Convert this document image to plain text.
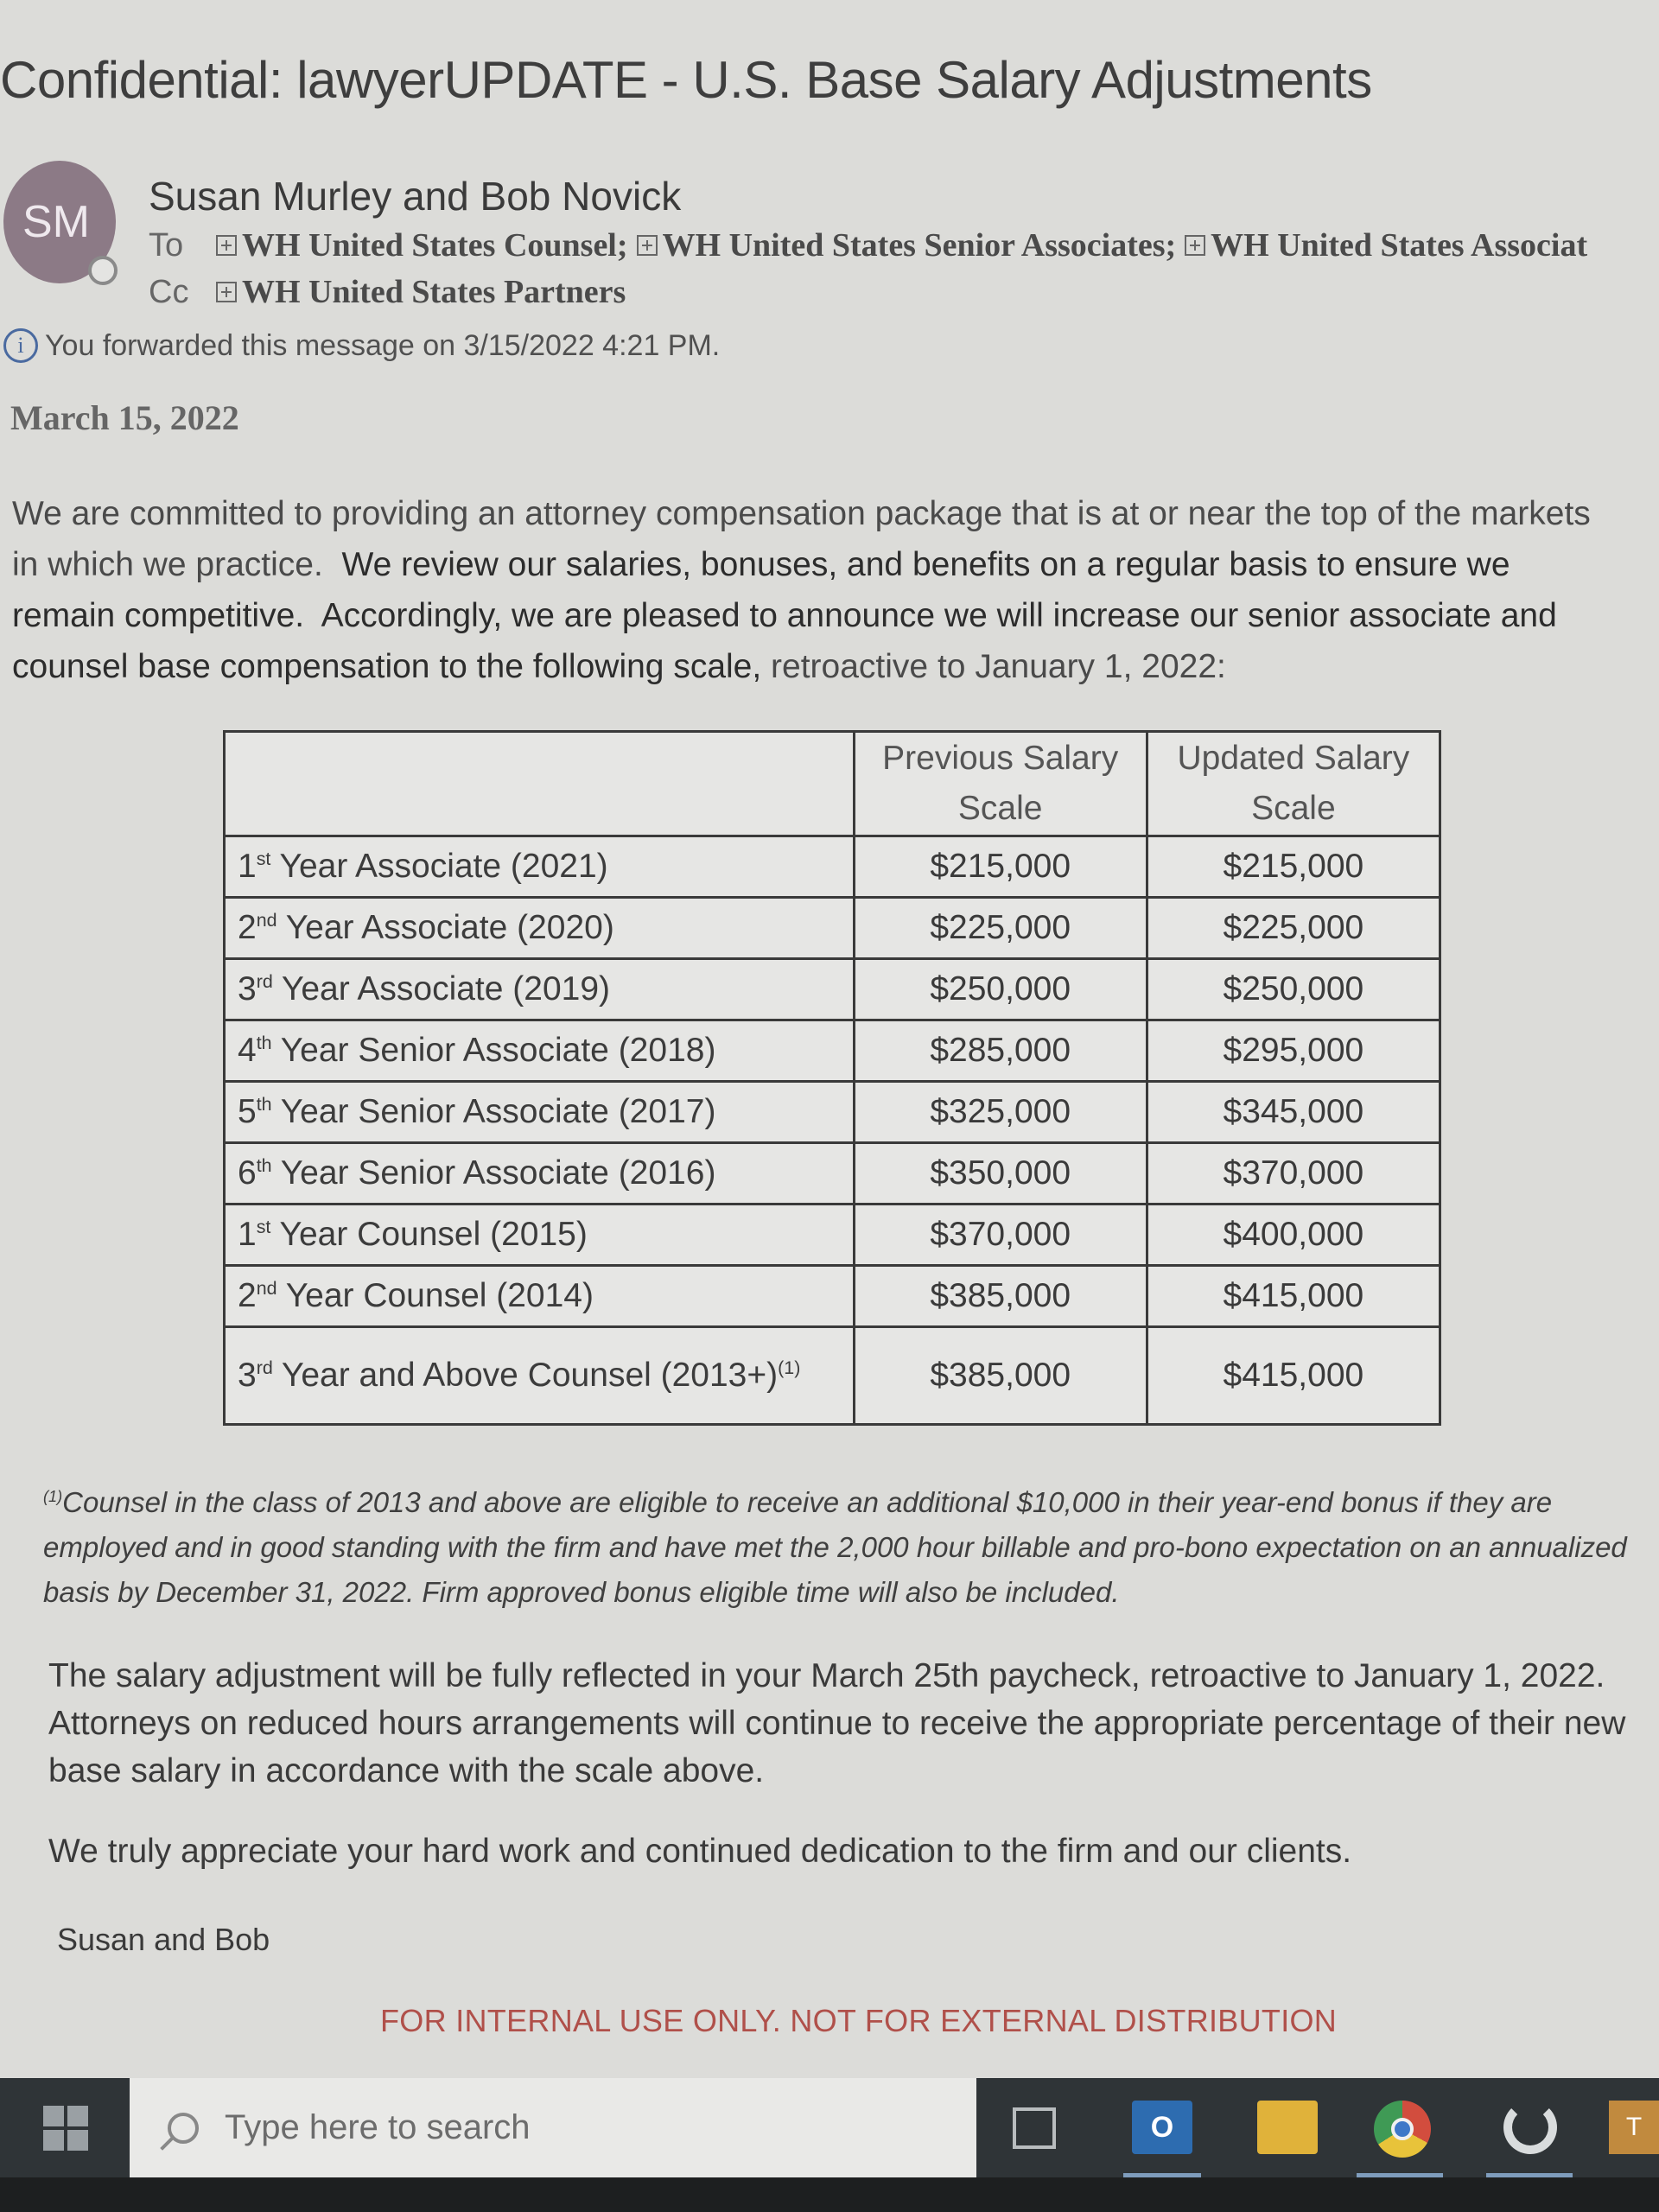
Confidential: lawyerUPDATE - U.S. Base Salary Adjustments
SM
Susan Murley and Bob Novick
To	WH United States Counsel; WH United States Senior Associates; WH United States Associat
Cc	WH United States Partners
i You forwarded this message on 3/15/2022 4:21 PM.
March 15, 2022
We are committed to providing an attorney compensation package that is at or near the top of the markets in which we practice. We review our salaries, bonuses, and benefits on a regular basis to ensure we remain competitive. Accordingly, we are pleased to announce we will increase our senior associate and counsel base compensation to the following scale, retroactive to January 1, 2022:
	Previous Salary Scale	Updated Salary Scale
1st Year Associate (2021)	$215,000	$215,000
2nd Year Associate (2020)	$225,000	$225,000
3rd Year Associate (2019)	$250,000	$250,000
4th Year Senior Associate (2018)	$285,000	$295,000
5th Year Senior Associate (2017)	$325,000	$345,000
6th Year Senior Associate (2016)	$350,000	$370,000
1st Year Counsel (2015)	$370,000	$400,000
2nd Year Counsel (2014)	$385,000	$415,000
3rd Year and Above Counsel $(2013+)^{(1)}$	$385,000	$415,000
$^{(1)}$Counsel in the class of 2013 and above are eligible to receive an additional $10,000 in their year-end bonus if they are employed and in good standing with the firm and have met the 2,000 hour billable and pro-bono expectation on an annualized basis by December 31, 2022. Firm approved bonus eligible time will also be included.
The salary adjustment will be fully reflected in your March 25th paycheck, retroactive to January 1, 2022. Attorneys on reduced hours arrangements will continue to receive the appropriate percentage of their new base salary in accordance with the scale above.
We truly appreciate your hard work and continued dedication to the firm and our clients.
Susan and Bob
FOR INTERNAL USE ONLY. NOT FOR EXTERNAL DISTRIBUTION
Type here to search	O	T
